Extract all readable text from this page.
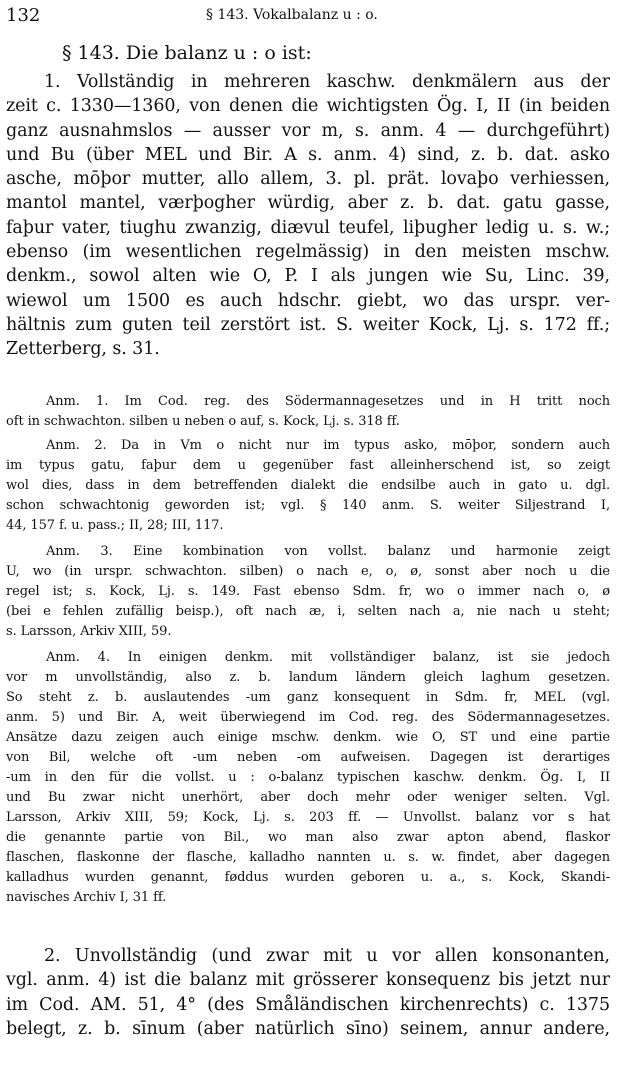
132	§ 143. Vokalbalanz u : o.
§ 143. Die balanz u : o ist:
1. Vollständig in mehreren kaschw. denkmälern aus der
zeit c. 1330—1360, von denen die wichtigsten Ög. I, II (in beiden
ganz ausnahmslos — ausser vor m, s. anm. 4 — durchgeführt)
und Bu (über MEL und Bir. A s. anm. 4) sind, z. b. dat. asko
asche, mōþor mutter, allo allem, 3. pl. prät. lovaþo verhiessen,
mantol mantel, værþogher würdig, aber z. b. dat. gatu gasse,
faþur vater, tiughu zwanzig, diævul teufel, liþugher ledig u. s. w.;
ebenso (im wesentlichen regelmässig) in den meisten mschw.
denkm., sowol alten wie O, P. I als jungen wie Su, Linc. 39,
wiewol um 1500 es auch hdschr. giebt, wo das urspr. ver-
hältnis zum guten teil zerstört ist. S. weiter Kock, Lj. s. 172 ff.;
Zetterberg, s. 31.
Anm. 1. Im Cod. reg. des Södermannagesetzes und in H tritt noch
oft in schwachton. silben u neben o auf, s. Kock, Lj. s. 318 ff.
Anm. 2. Da in Vm o nicht nur im typus asko, mōþor, sondern auch
im typus gatu, faþur dem u gegenüber fast alleinherschend ist, so zeigt
wol dies, dass in dem betreffenden dialekt die endsilbe auch in gato u. dgl.
schon schwachtonig geworden ist; vgl. § 140 anm. S. weiter Siljestrand I,
44, 157 f. u. pass.; II, 28; III, 117.
Anm. 3. Eine kombination von vollst. balanz und harmonie zeigt
U, wo (in urspr. schwachton. silben) o nach e, o, ø, sonst aber noch u die
regel ist; s. Kock, Lj. s. 149. Fast ebenso Sdm. fr, wo o immer nach o, ø
(bei e fehlen zufällig beisp.), oft nach æ, i, selten nach a, nie nach u steht;
s. Larsson, Arkiv XIII, 59.
Anm. 4. In einigen denkm. mit vollständiger balanz, ist sie jedoch
vor m unvollständig, also z. b. landum ländern gleich laghum gesetzen.
So steht z. b. auslautendes -um ganz konsequent in Sdm. fr, MEL (vgl.
anm. 5) und Bir. A, weit überwiegend im Cod. reg. des Södermannagesetzes.
Ansätze dazu zeigen auch einige mschw. denkm. wie O, ST und eine partie
von Bil, welche oft -um neben -om aufweisen. Dagegen ist derartiges
-um in den für die vollst. u : o-balanz typischen kaschw. denkm. Ög. I, II
und Bu zwar nicht unerhört, aber doch mehr oder weniger selten. Vgl.
Larsson, Arkiv XIII, 59; Kock, Lj. s. 203 ff. — Unvollst. balanz vor s hat
die genannte partie von Bil., wo man also zwar apton abend, flaskor
flaschen, flaskonne der flasche, kalladho nannten u. s. w. findet, aber dagegen
kalladhus wurden genannt, føddus wurden geboren u. a., s. Kock, Skandi-
navisches Archiv I, 31 ff.
2. Unvollständig (und zwar mit u vor allen konsonanten,
vgl. anm. 4) ist die balanz mit grösserer konsequenz bis jetzt nur
im Cod. AM. 51, 4° (des Småländischen kirchenrechts) c. 1375
belegt, z. b. sīnum (aber natürlich sīno) seinem, annur andere,
